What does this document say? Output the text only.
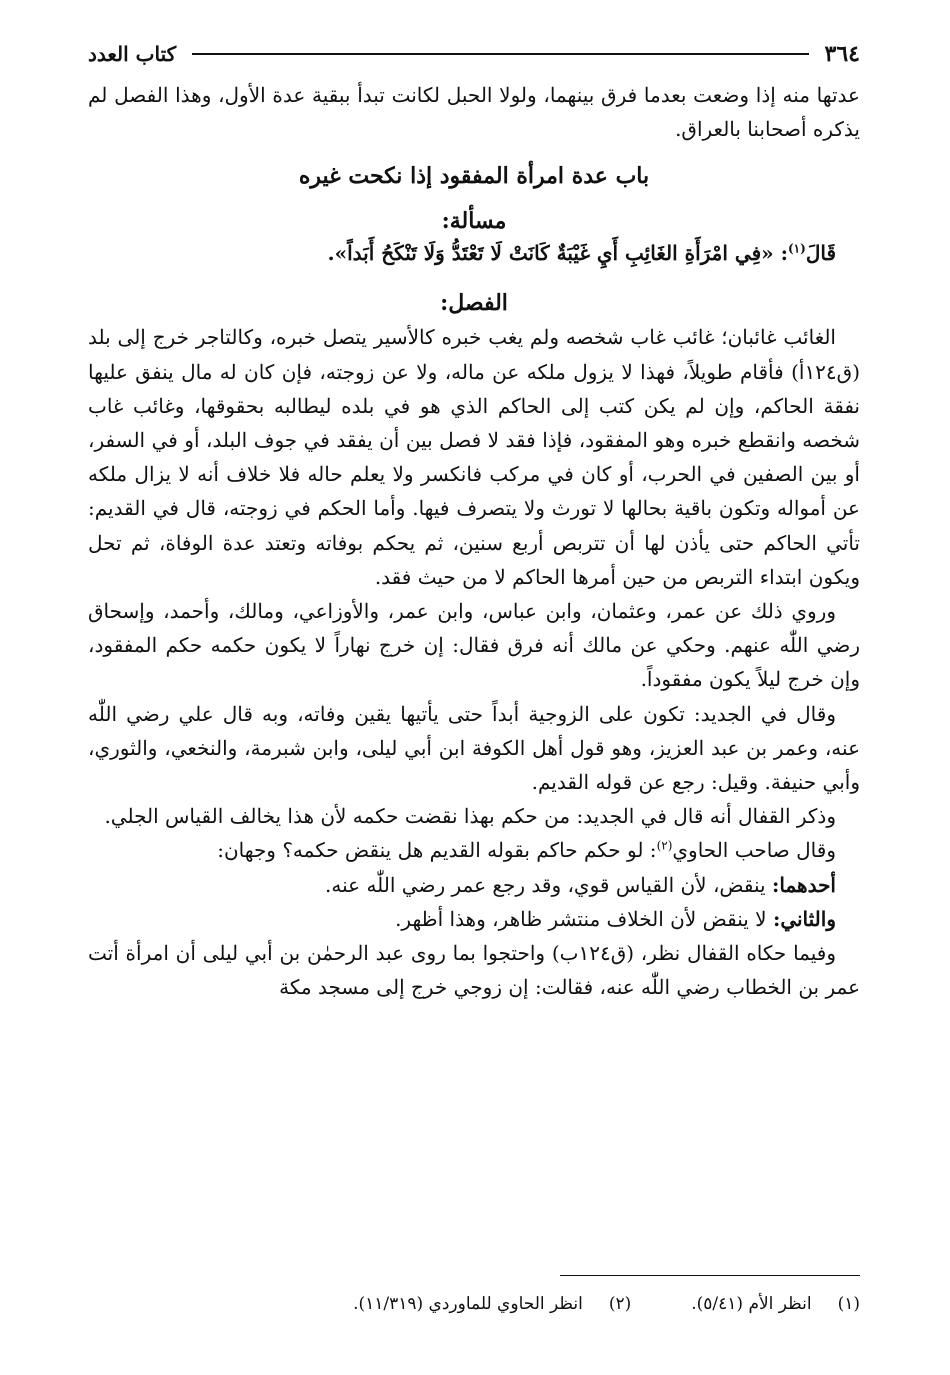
٣٦٤
كتاب العدد

عدتها منه إذا وضعت بعدما فرق بينهما، ولولا الحبل لكانت تبدأ ببقية عدة الأول، وهذا الفصل لم يذكره أصحابنا بالعراق.

باب عدة امرأة المفقود إذا نكحت غيره
مسألة:

قَالَ$^{(١)}$: «فِي امْرَأَةِ الغَائِبِ أَيِ غَيْبَةٌ كَانَتْ لَا تَعْتَدُّ وَلَا تَنْكَحُ أَبَداً».

الفصل:

الغائب غائبان؛ غائب غاب شخصه ولم يغب خبره كالأسير يتصل خبره، وكالتاجر خرج إلى بلد (ق١٢٤أ) فأقام طويلاً، فهذا لا يزول ملكه عن ماله، ولا عن زوجته، فإن كان له مال ينفق عليها نفقة الحاكم، وإن لم يكن كتب إلى الحاكم الذي هو في بلده ليطالبه بحقوقها، وغائب غاب شخصه وانقطع خبره وهو المفقود، فإذا فقد لا فصل بين أن يفقد في جوف البلد، أو في السفر، أو بين الصفين في الحرب، أو كان في مركب فانكسر ولا يعلم حاله فلا خلاف أنه لا يزال ملكه عن أمواله وتكون باقية بحالها لا تورث ولا يتصرف فيها. وأما الحكم في زوجته، قال في القديم: تأتي الحاكم حتى يأذن لها أن تتربص أربع سنين، ثم يحكم بوفاته وتعتد عدة الوفاة، ثم تحل ويكون ابتداء التربص من حين أمرها الحاكم لا من حيث فقد.

وروي ذلك عن عمر، وعثمان، وابن عباس، وابن عمر، والأوزاعي، ومالك، وأحمد، وإسحاق رضي اللّٰه عنهم. وحكي عن مالك أنه فرق فقال: إن خرج نهاراً لا يكون حكمه حكم المفقود، وإن خرج ليلاً يكون مفقوداً.

وقال في الجديد: تكون على الزوجية أبداً حتى يأتيها يقين وفاته، وبه قال علي رضي اللّٰه عنه، وعمر بن عبد العزيز، وهو قول أهل الكوفة ابن أبي ليلى، وابن شبرمة، والنخعي، والثوري، وأبي حنيفة. وقيل: رجع عن قوله القديم.

وذكر القفال أنه قال في الجديد: من حكم بهذا نقضت حكمه لأن هذا يخالف القياس الجلي.

وقال صاحب الحاوي$^{(٢)}$: لو حكم حاكم بقوله القديم هل ينقض حكمه؟ وجهان:

أحدهما: ينقض، لأن القياس قوي، وقد رجع عمر رضي اللّٰه عنه.

والثاني: لا ينقض لأن الخلاف منتشر ظاهر، وهذا أظهر.

وفيما حكاه القفال نظر، (ق١٢٤ب) واحتجوا بما روى عبد الرحمٰن بن أبي ليلى أن امرأة أتت عمر بن الخطاب رضي اللّٰه عنه، فقالت: إن زوجي خرج إلى مسجد مكة

(١)انظر الأم (٥/٤١).
(٢)انظر الحاوي للماوردي (١١/٣١٩).
